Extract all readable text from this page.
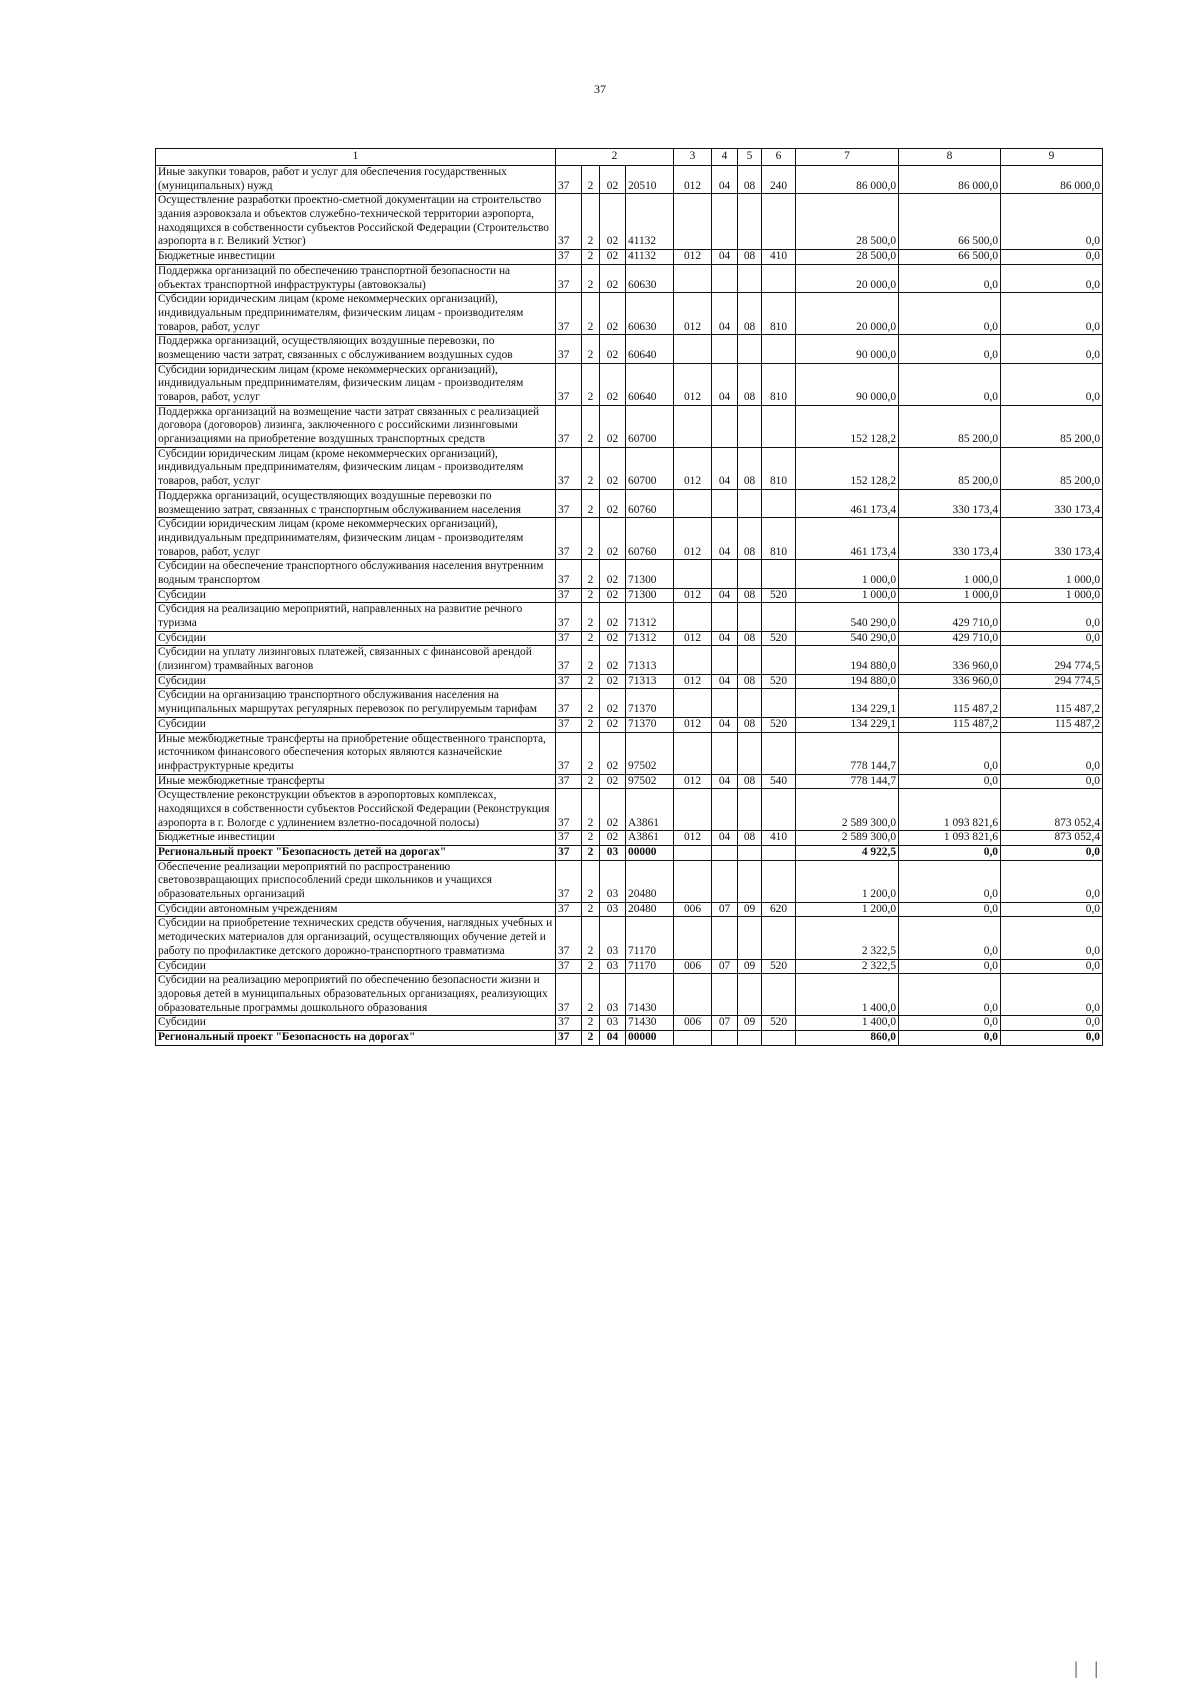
37
1	2				3	4	5	6	7	8	9
Иные закупки товаров, работ и услуг для обеспечения государственных (муниципальных) нужд	37	2	02	20510	012	04	08	240	86 000,0	86 000,0	86 000,0
Осуществление разработки проектно-сметной документации на строительство здания аэровокзала и объектов служебно-технической территории аэропорта, находящихся в собственности субъектов Российской Федерации (Строительство аэропорта в г. Великий Устюг)	37	2	02	41132					28 500,0	66 500,0	0,0
Бюджетные инвестиции	37	2	02	41132	012	04	08	410	28 500,0	66 500,0	0,0
Поддержка организаций по обеспечению транспортной безопасности на объектах транспортной инфраструктуры (автовокзалы)	37	2	02	60630					20 000,0	0,0	0,0
Субсидии юридическим лицам (кроме некоммерческих организаций), индивидуальным предпринимателям, физическим лицам - производителям товаров, работ, услуг	37	2	02	60630	012	04	08	810	20 000,0	0,0	0,0
Поддержка организаций, осуществляющих воздушные перевозки, по возмещению части затрат, связанных с обслуживанием воздушных судов	37	2	02	60640					90 000,0	0,0	0,0
Субсидии юридическим лицам (кроме некоммерческих организаций), индивидуальным предпринимателям, физическим лицам - производителям товаров, работ, услуг	37	2	02	60640	012	04	08	810	90 000,0	0,0	0,0
Поддержка организаций на возмещение части затрат связанных с реализацией договора (договоров) лизинга, заключенного с российскими лизинговыми организациями на приобретение воздушных транспортных средств	37	2	02	60700					152 128,2	85 200,0	85 200,0
Субсидии юридическим лицам (кроме некоммерческих организаций), индивидуальным предпринимателям, физическим лицам - производителям товаров, работ, услуг	37	2	02	60700	012	04	08	810	152 128,2	85 200,0	85 200,0
Поддержка организаций, осуществляющих воздушные перевозки по возмещению затрат, связанных с транспортным обслуживанием населения	37	2	02	60760					461 173,4	330 173,4	330 173,4
Субсидии юридическим лицам (кроме некоммерческих организаций), индивидуальным предпринимателям, физическим лицам - производителям товаров, работ, услуг	37	2	02	60760	012	04	08	810	461 173,4	330 173,4	330 173,4
Субсидии на обеспечение транспортного обслуживания населения внутренним водным транспортом	37	2	02	71300					1 000,0	1 000,0	1 000,0
Субсидии	37	2	02	71300	012	04	08	520	1 000,0	1 000,0	1 000,0
Субсидия на реализацию мероприятий, направленных на развитие речного туризма	37	2	02	71312					540 290,0	429 710,0	0,0
Субсидии	37	2	02	71312	012	04	08	520	540 290,0	429 710,0	0,0
Субсидии на уплату лизинговых платежей, связанных с финансовой арендой (лизингом) трамвайных вагонов	37	2	02	71313					194 880,0	336 960,0	294 774,5
Субсидии	37	2	02	71313	012	04	08	520	194 880,0	336 960,0	294 774,5
Субсидии на организацию транспортного обслуживания населения на муниципальных маршрутах регулярных перевозок по регулируемым тарифам	37	2	02	71370					134 229,1	115 487,2	115 487,2
Субсидии	37	2	02	71370	012	04	08	520	134 229,1	115 487,2	115 487,2
Иные межбюджетные трансферты на приобретение общественного транспорта, источником финансового обеспечения которых являются казначейские инфраструктурные кредиты	37	2	02	97502					778 144,7	0,0	0,0
Иные межбюджетные трансферты	37	2	02	97502	012	04	08	540	778 144,7	0,0	0,0
Осуществление реконструкции объектов в аэропортовых комплексах, находящихся в собственности субъектов Российской Федерации (Реконструкция аэропорта в г. Вологде с удлинением взлетно-посадочной полосы)	37	2	02	А3861					2 589 300,0	1 093 821,6	873 052,4
Бюджетные инвестиции	37	2	02	А3861	012	04	08	410	2 589 300,0	1 093 821,6	873 052,4
Региональный проект "Безопасность детей на дорогах"	37	2	03	00000					4 922,5	0,0	0,0
Обеспечение реализации мероприятий по распространению световозвращающих приспособлений среди школьников и учащихся образовательных организаций	37	2	03	20480					1 200,0	0,0	0,0
Субсидии автономным учреждениям	37	2	03	20480	006	07	09	620	1 200,0	0,0	0,0
Субсидии на приобретение технических средств обучения, наглядных учебных и методических материалов для организаций, осуществляющих обучение детей и работу по профилактике детского дорожно-транспортного травматизма	37	2	03	71170					2 322,5	0,0	0,0
Субсидии	37	2	03	71170	006	07	09	520	2 322,5	0,0	0,0
Субсидии на реализацию мероприятий по обеспечению безопасности жизни и здоровья детей в муниципальных образовательных организациях, реализующих образовательные программы дошкольного образования	37	2	03	71430					1 400,0	0,0	0,0
Субсидии	37	2	03	71430	006	07	09	520	1 400,0	0,0	0,0
Региональный проект "Безопасность на дорогах"	37	2	04	00000					860,0	0,0	0,0
| |
